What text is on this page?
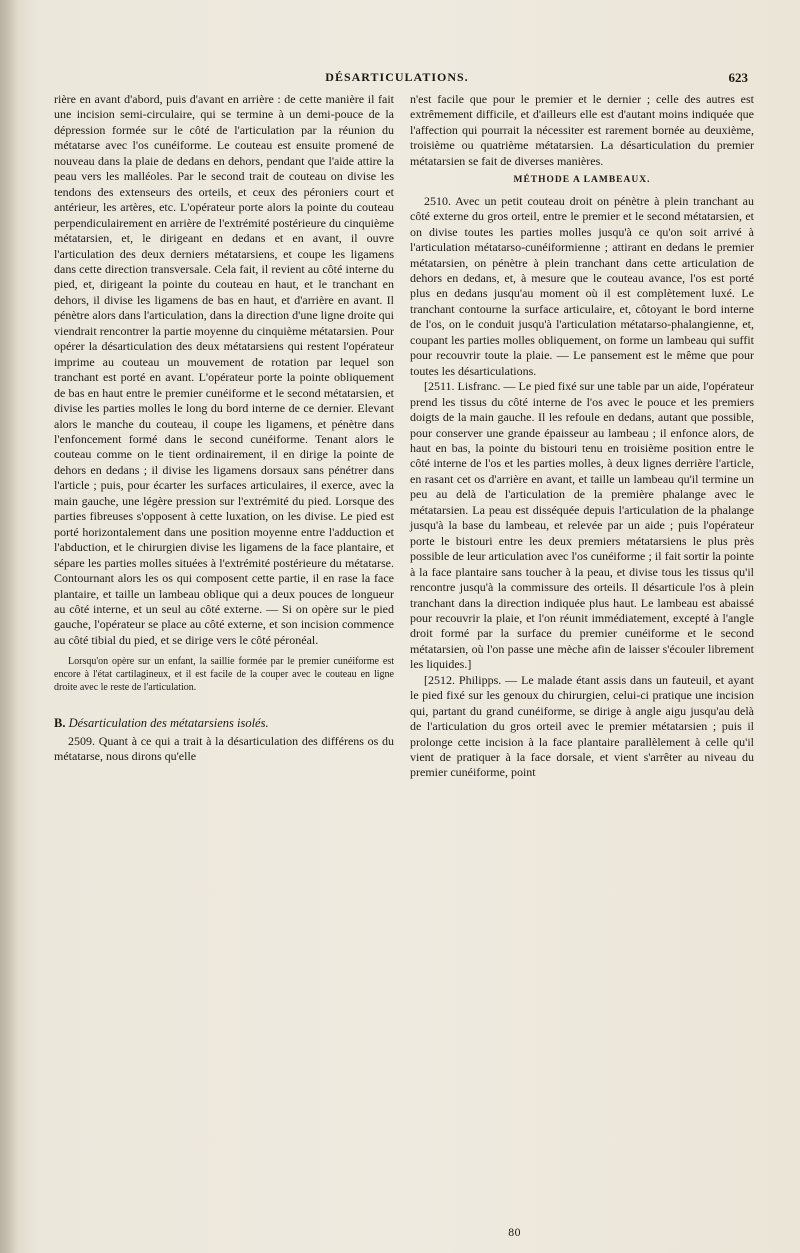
DÉSARTICULATIONS.	623

rière en avant d'abord, puis d'avant en arrière : de cette manière il fait une incision semi-circulaire, qui se termine à un demi-pouce de la dépression formée sur le côté de l'articulation par la réunion du métatarse avec l'os cunéiforme. Le couteau est ensuite promené de nouveau dans la plaie de dedans en dehors, pendant que l'aide attire la peau vers les malléoles. Par le second trait de couteau on divise les tendons des extenseurs des orteils, et ceux des péroniers court et antérieur, les artères, etc. L'opérateur porte alors la pointe du couteau perpendiculairement en arrière de l'extrémité postérieure du cinquième métatarsien, et, le dirigeant en dedans et en avant, il ouvre l'articulation des deux derniers métatarsiens, et coupe les ligamens dans cette direction transversale. Cela fait, il revient au côté interne du pied, et, dirigeant la pointe du couteau en haut, et le tranchant en dehors, il divise les ligamens de bas en haut, et d'arrière en avant. Il pénètre alors dans l'articulation, dans la direction d'une ligne droite qui viendrait rencontrer la partie moyenne du cinquième métatarsien. Pour opérer la désarticulation des deux métatarsiens qui restent l'opérateur imprime au couteau un mouvement de rotation par lequel son tranchant est porté en avant. L'opérateur porte la pointe obliquement de bas en haut entre le premier cunéiforme et le second métatarsien, et divise les parties molles le long du bord interne de ce dernier. Elevant alors le manche du couteau, il coupe les ligamens, et pénètre dans l'enfoncement formé dans le second cunéiforme. Tenant alors le couteau comme on le tient ordinairement, il en dirige la pointe de dehors en dedans ; il divise les ligamens dorsaux sans pénétrer dans l'article ; puis, pour écarter les surfaces articulaires, il exerce, avec la main gauche, une légère pression sur l'extrémité du pied. Lorsque des parties fibreuses s'opposent à cette luxation, on les divise. Le pied est porté horizontalement dans une position moyenne entre l'adduction et l'abduction, et le chirurgien divise les ligamens de la face plantaire, et sépare les parties molles situées à l'extrémité postérieure du métatarse. Contournant alors les os qui composent cette partie, il en rase la face plantaire, et taille un lambeau oblique qui a deux pouces de longueur au côté interne, et un seul au côté externe. — Si on opère sur le pied gauche, l'opérateur se place au côté externe, et son incision commence au côté tibial du pied, et se dirige vers le côté péronéal.

Lorsqu'on opère sur un enfant, la saillie formée par le premier cunéiforme est encore à l'état cartilagineux, et il est facile de la couper avec le couteau en ligne droite avec le reste de l'articulation.

B. Désarticulation des métatarsiens isolés.

2509. Quant à ce qui a trait à la désarticulation des différens os du métatarse, nous dirons qu'elle

n'est facile que pour le premier et le dernier ; celle des autres est extrêmement difficile, et d'ailleurs elle est d'autant moins indiquée que l'affection qui pourrait la nécessiter est rarement bornée au deuxième, troisième ou quatrième métatarsien. La désarticulation du premier métatarsien se fait de diverses manières.

MÉTHODE A LAMBEAUX.

2510. Avec un petit couteau droit on pénètre à plein tranchant au côté externe du gros orteil, entre le premier et le second métatarsien, et on divise toutes les parties molles jusqu'à ce qu'on soit arrivé à l'articulation métatarso-cunéiformienne ; attirant en dedans le premier métatarsien, on pénètre à plein tranchant dans cette articulation de dehors en dedans, et, à mesure que le couteau avance, l'os est porté plus en dedans jusqu'au moment où il est complètement luxé. Le tranchant contourne la surface articulaire, et, côtoyant le bord interne de l'os, on le conduit jusqu'à l'articulation métatarso-phalangienne, et, coupant les parties molles obliquement, on forme un lambeau qui suffit pour recouvrir toute la plaie. — Le pansement est le même que pour toutes les désarticulations.

[2511. Lisfranc. — Le pied fixé sur une table par un aide, l'opérateur prend les tissus du côté interne de l'os avec le pouce et les premiers doigts de la main gauche. Il les refoule en dedans, autant que possible, pour conserver une grande épaisseur au lambeau ; il enfonce alors, de haut en bas, la pointe du bistouri tenu en troisième position entre le côté interne de l'os et les parties molles, à deux lignes derrière l'article, en rasant cet os d'arrière en avant, et taille un lambeau qu'il termine un peu au delà de l'articulation de la première phalange avec le métatarsien. La peau est disséquée depuis l'articulation de la phalange jusqu'à la base du lambeau, et relevée par un aide ; puis l'opérateur porte le bistouri entre les deux premiers métatarsiens le plus près possible de leur articulation avec l'os cunéiforme ; il fait sortir la pointe à la face plantaire sans toucher à la peau, et divise tous les tissus qu'il rencontre jusqu'à la commissure des orteils. Il désarticule l'os à plein tranchant dans la direction indiquée plus haut. Le lambeau est abaissé pour recouvrir la plaie, et l'on réunit immédiatement, excepté à l'angle droit formé par la surface du premier cunéiforme et le second métatarsien, où l'on passe une mèche afin de laisser s'écouler librement les liquides.]

[2512. Philipps. — Le malade étant assis dans un fauteuil, et ayant le pied fixé sur les genoux du chirurgien, celui-ci pratique une incision qui, partant du grand cunéiforme, se dirige à angle aigu jusqu'au delà de l'articulation du gros orteil avec le premier métatarsien ; puis il prolonge cette incision à la face plantaire parallèlement à celle qu'il vient de pratiquer à la face dorsale, et vient s'arrêter au niveau du premier cunéiforme, point

80
